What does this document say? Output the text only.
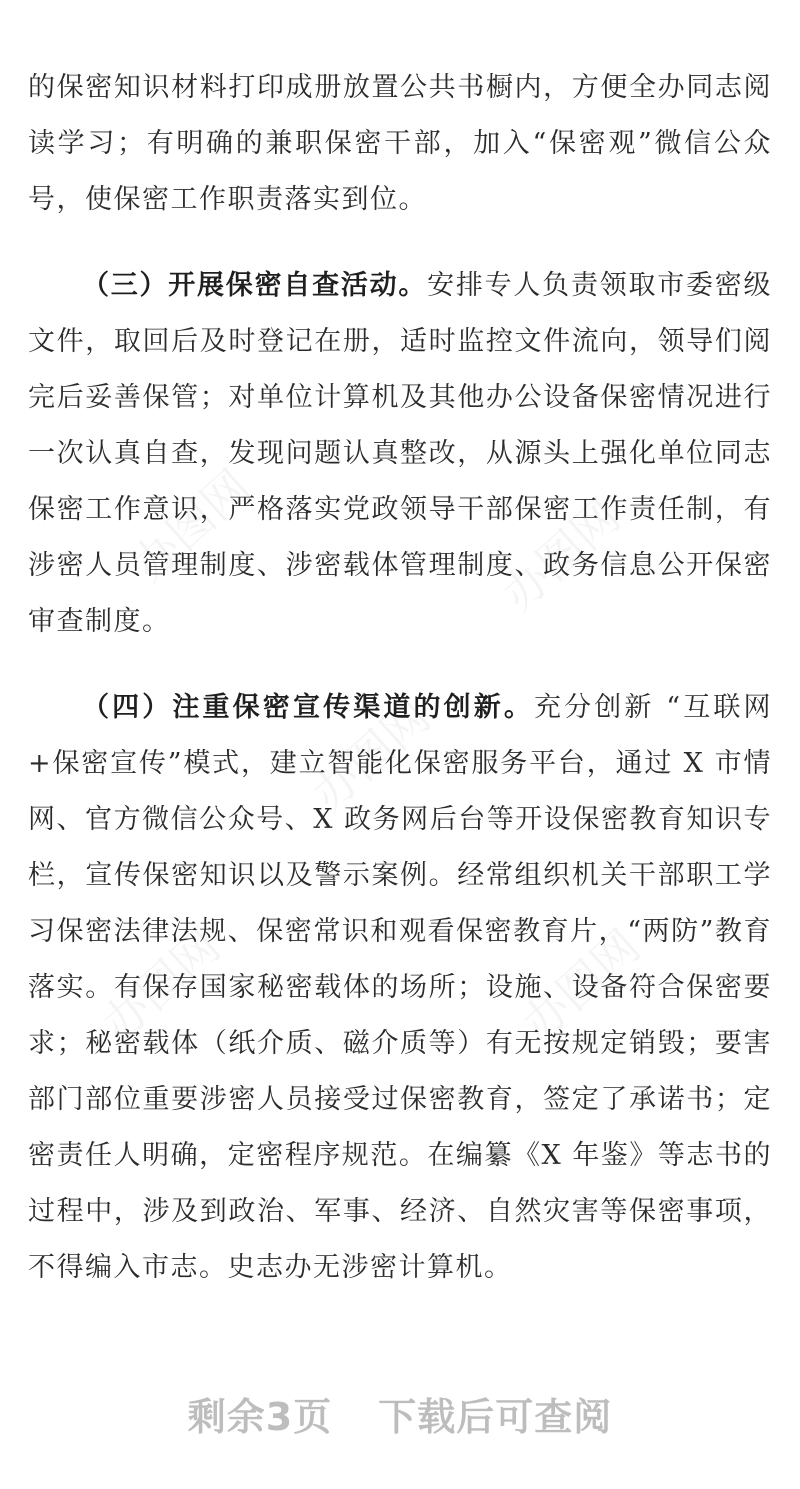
的保密知识材料打印成册放置公共书橱内，方便全办同志阅读学习；有明确的兼职保密干部，加入“保密观”微信公众号，使保密工作职责落实到位。

（三）开展保密自查活动。安排专人负责领取市委密级文件，取回后及时登记在册，适时监控文件流向，领导们阅完后妥善保管；对单位计算机及其他办公设备保密情况进行一次认真自查，发现问题认真整改，从源头上强化单位同志保密工作意识，严格落实党政领导干部保密工作责任制，有涉密人员管理制度、涉密载体管理制度、政务信息公开保密审查制度。

（四）注重保密宣传渠道的创新。充分创新 “互联网+保密宣传”模式，建立智能化保密服务平台，通过 X 市情网、官方微信公众号、X 政务网后台等开设保密教育知识专栏，宣传保密知识以及警示案例。经常组织机关干部职工学习保密法律法规、保密常识和观看保密教育片，“两防”教育落实。有保存国家秘密载体的场所；设施、设备符合保密要求；秘密载体（纸介质、磁介质等）有无按规定销毁；要害部门部位重要涉密人员接受过保密教育，签定了承诺书；定密责任人明确，定密程序规范。在编纂《X 年鉴》等志书的过程中，涉及到政治、军事、经济、自然灾害等保密事项，不得编入市志。史志办无涉密计算机。

剩余3页 下载后可查阅
